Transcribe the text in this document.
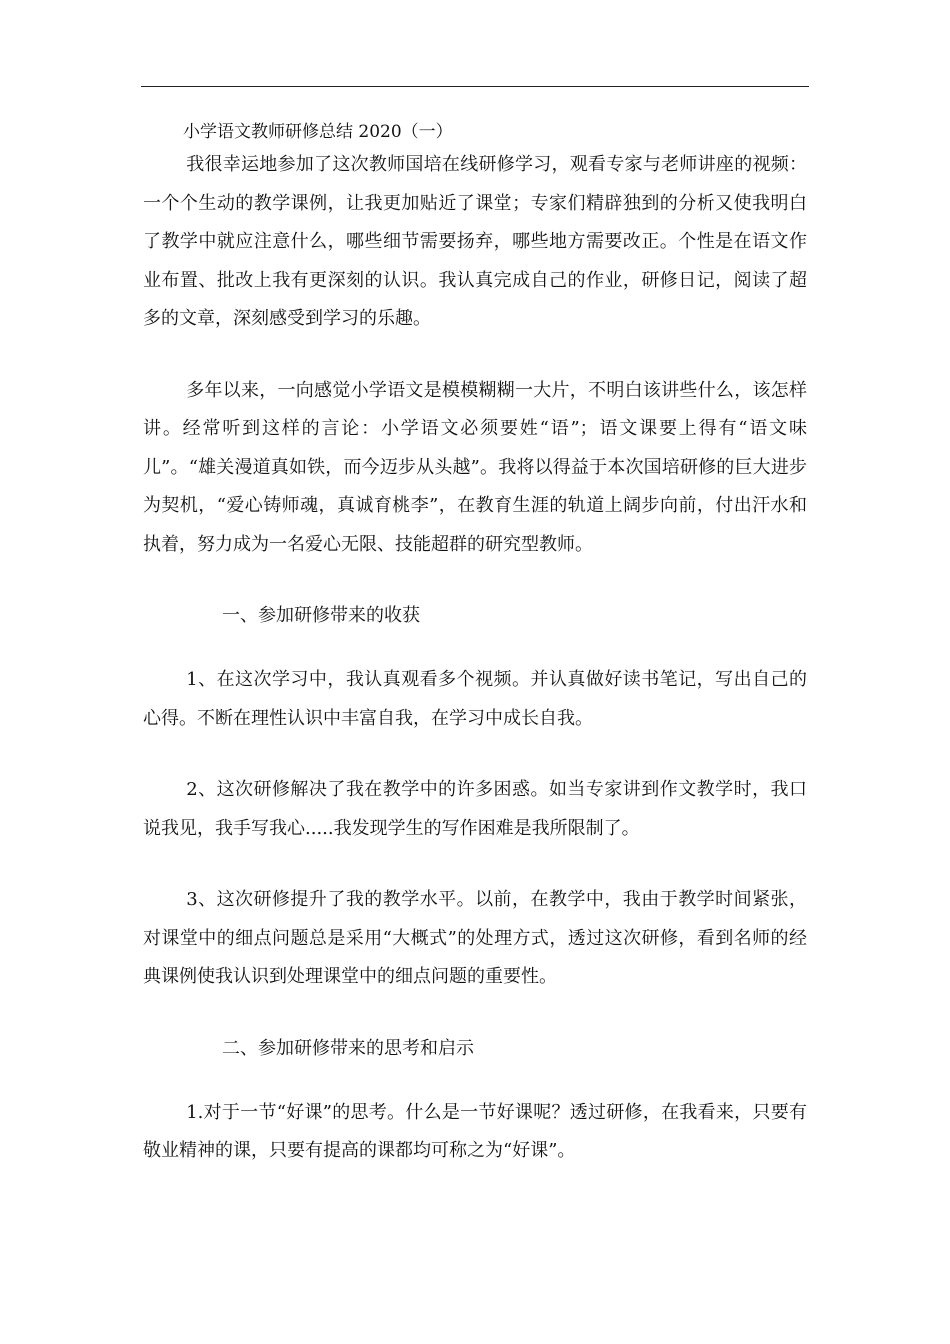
小学语文教师研修总结 2020（一）

我很幸运地参加了这次教师国培在线研修学习，观看专家与老师讲座的视频：一个个生动的教学课例，让我更加贴近了课堂；专家们精辟独到的分析又使我明白了教学中就应注意什么，哪些细节需要扬弃，哪些地方需要改正。个性是在语文作业布置、批改上我有更深刻的认识。我认真完成自己的作业，研修日记，阅读了超多的文章，深刻感受到学习的乐趣。

多年以来，一向感觉小学语文是模模糊糊一大片，不明白该讲些什么，该怎样讲。经常听到这样的言论：小学语文必须要姓“语”；语文课要上得有“语文味儿”。“雄关漫道真如铁，而今迈步从头越”。我将以得益于本次国培研修的巨大进步为契机，“爱心铸师魂，真诚育桃李”，在教育生涯的轨道上阔步向前，付出汗水和执着，努力成为一名爱心无限、技能超群的研究型教师。

一、参加研修带来的收获

1、在这次学习中，我认真观看多个视频。并认真做好读书笔记，写出自己的心得。不断在理性认识中丰富自我，在学习中成长自我。

2、这次研修解决了我在教学中的许多困惑。如当专家讲到作文教学时，我口说我见，我手写我心.....我发现学生的写作困难是我所限制了。

3、这次研修提升了我的教学水平。以前，在教学中，我由于教学时间紧张，对课堂中的细点问题总是采用“大概式”的处理方式，透过这次研修，看到名师的经典课例使我认识到处理课堂中的细点问题的重要性。

二、参加研修带来的思考和启示

1.对于一节“好课”的思考。什么是一节好课呢？透过研修，在我看来，只要有敬业精神的课，只要有提高的课都均可称之为“好课”。
